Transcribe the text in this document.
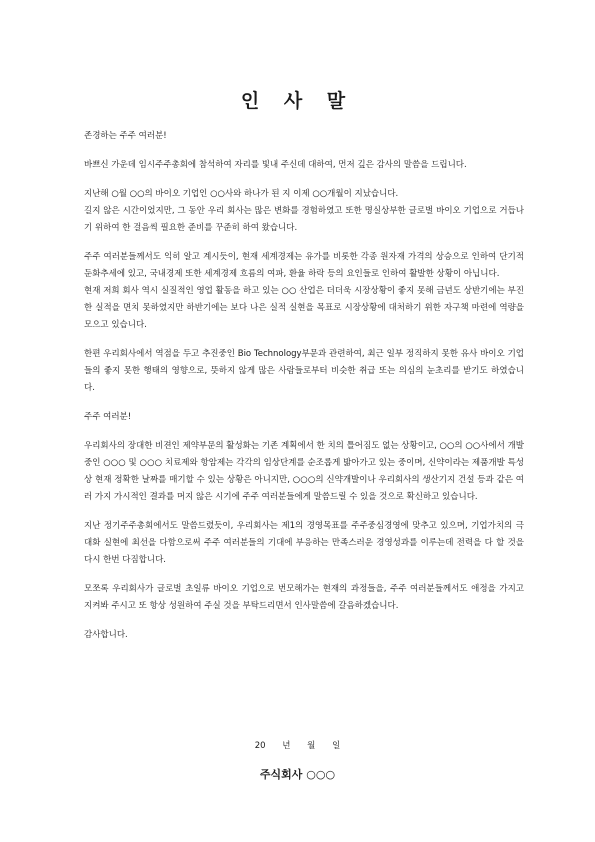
인 사 말

존경하는 주주 여러분!

바쁘신 가운데 임시주주총회에 참석하여 자리를 빛내 주신데 대하여, 먼저 깊은 감사의 말씀을 드립니다.

지난해 ○월 ○○의 바이오 기업인 ○○사와 하나가 된 지 이제 ○○개월이 지났습니다.

길지 않은 시간이었지만, 그 동안 우리 회사는 많은 변화를 경험하였고 또한 명실상부한 글로벌 바이오 기업으로 거듭나기 위하여 한 걸음씩 필요한 준비를 꾸준히 하여 왔습니다.

주주 여러분들께서도 익히 알고 계시듯이, 현재 세계경제는 유가를 비롯한 각종 원자재 가격의 상승으로 인하여 단기적 둔화추세에 있고, 국내경제 또한 세계경제 흐름의 여파, 환율 하락 등의 요인들로 인하여 활발한 상황이 아닙니다.

현재 저희 회사 역시 실질적인 영업 활동을 하고 있는 ○○ 산업은 더더욱 시장상황이 좋지 못해 금년도 상반기에는 부진한 실적을 면치 못하였지만 하반기에는 보다 나은 실적 실현을 목표로 시장상황에 대처하기 위한 자구책 마련에 역량을 모으고 있습니다.

한편 우리회사에서 역점을 두고 추진중인 Bio Technology부문과 관련하여, 최근 일부 정직하지 못한 유사 바이오 기업들의 좋지 못한 행태의 영향으로, 뜻하지 않게 많은 사람들로부터 비슷한 취급 또는 의심의 눈초리를 받기도 하였습니다.

주주 여러분!

우리회사의 장대한 비젼인 제약부문의 활성화는 기존 계획에서 한 치의 틀어짐도 없는 상황이고, ○○의 ○○사에서 개발중인 ○○○ 및 ○○○ 치료제와 항암제는 각각의 임상단계를 순조롭게 밟아가고 있는 중이며, 신약이라는 제품개발 특성상 현재 정확한 날짜를 매기할 수 있는 상황은 아니지만, ○○○의 신약개발이나 우리회사의 생산기지 건설 등과 같은 여러 가지 가시적인 결과를 머지 않은 시기에 주주 여러분들에게 말씀드릴 수 있을 것으로 확신하고 있습니다.

지난 정기주주총회에서도 말씀드렸듯이, 우리회사는 제1의 경영목표를 주주중심경영에 맞추고 있으며, 기업가치의 극대화 실현에 최선을 다함으로써 주주 여러분들의 기대에 부응하는 만족스러운 경영성과를 이루는데 전력을 다 할 것을 다시 한번 다짐합니다.

모쪼록 우리회사가 글로벌 초일류 바이오 기업으로 번모해가는 현재의 과정들을, 주주 여러분들께서도 애정을 가지고 지켜봐 주시고 또 항상 성원하여 주실 것을 부탁드리면서 인사말씀에 갈음하겠습니다.

감사합니다.

20 년 월 일
주식회사 ○○○
